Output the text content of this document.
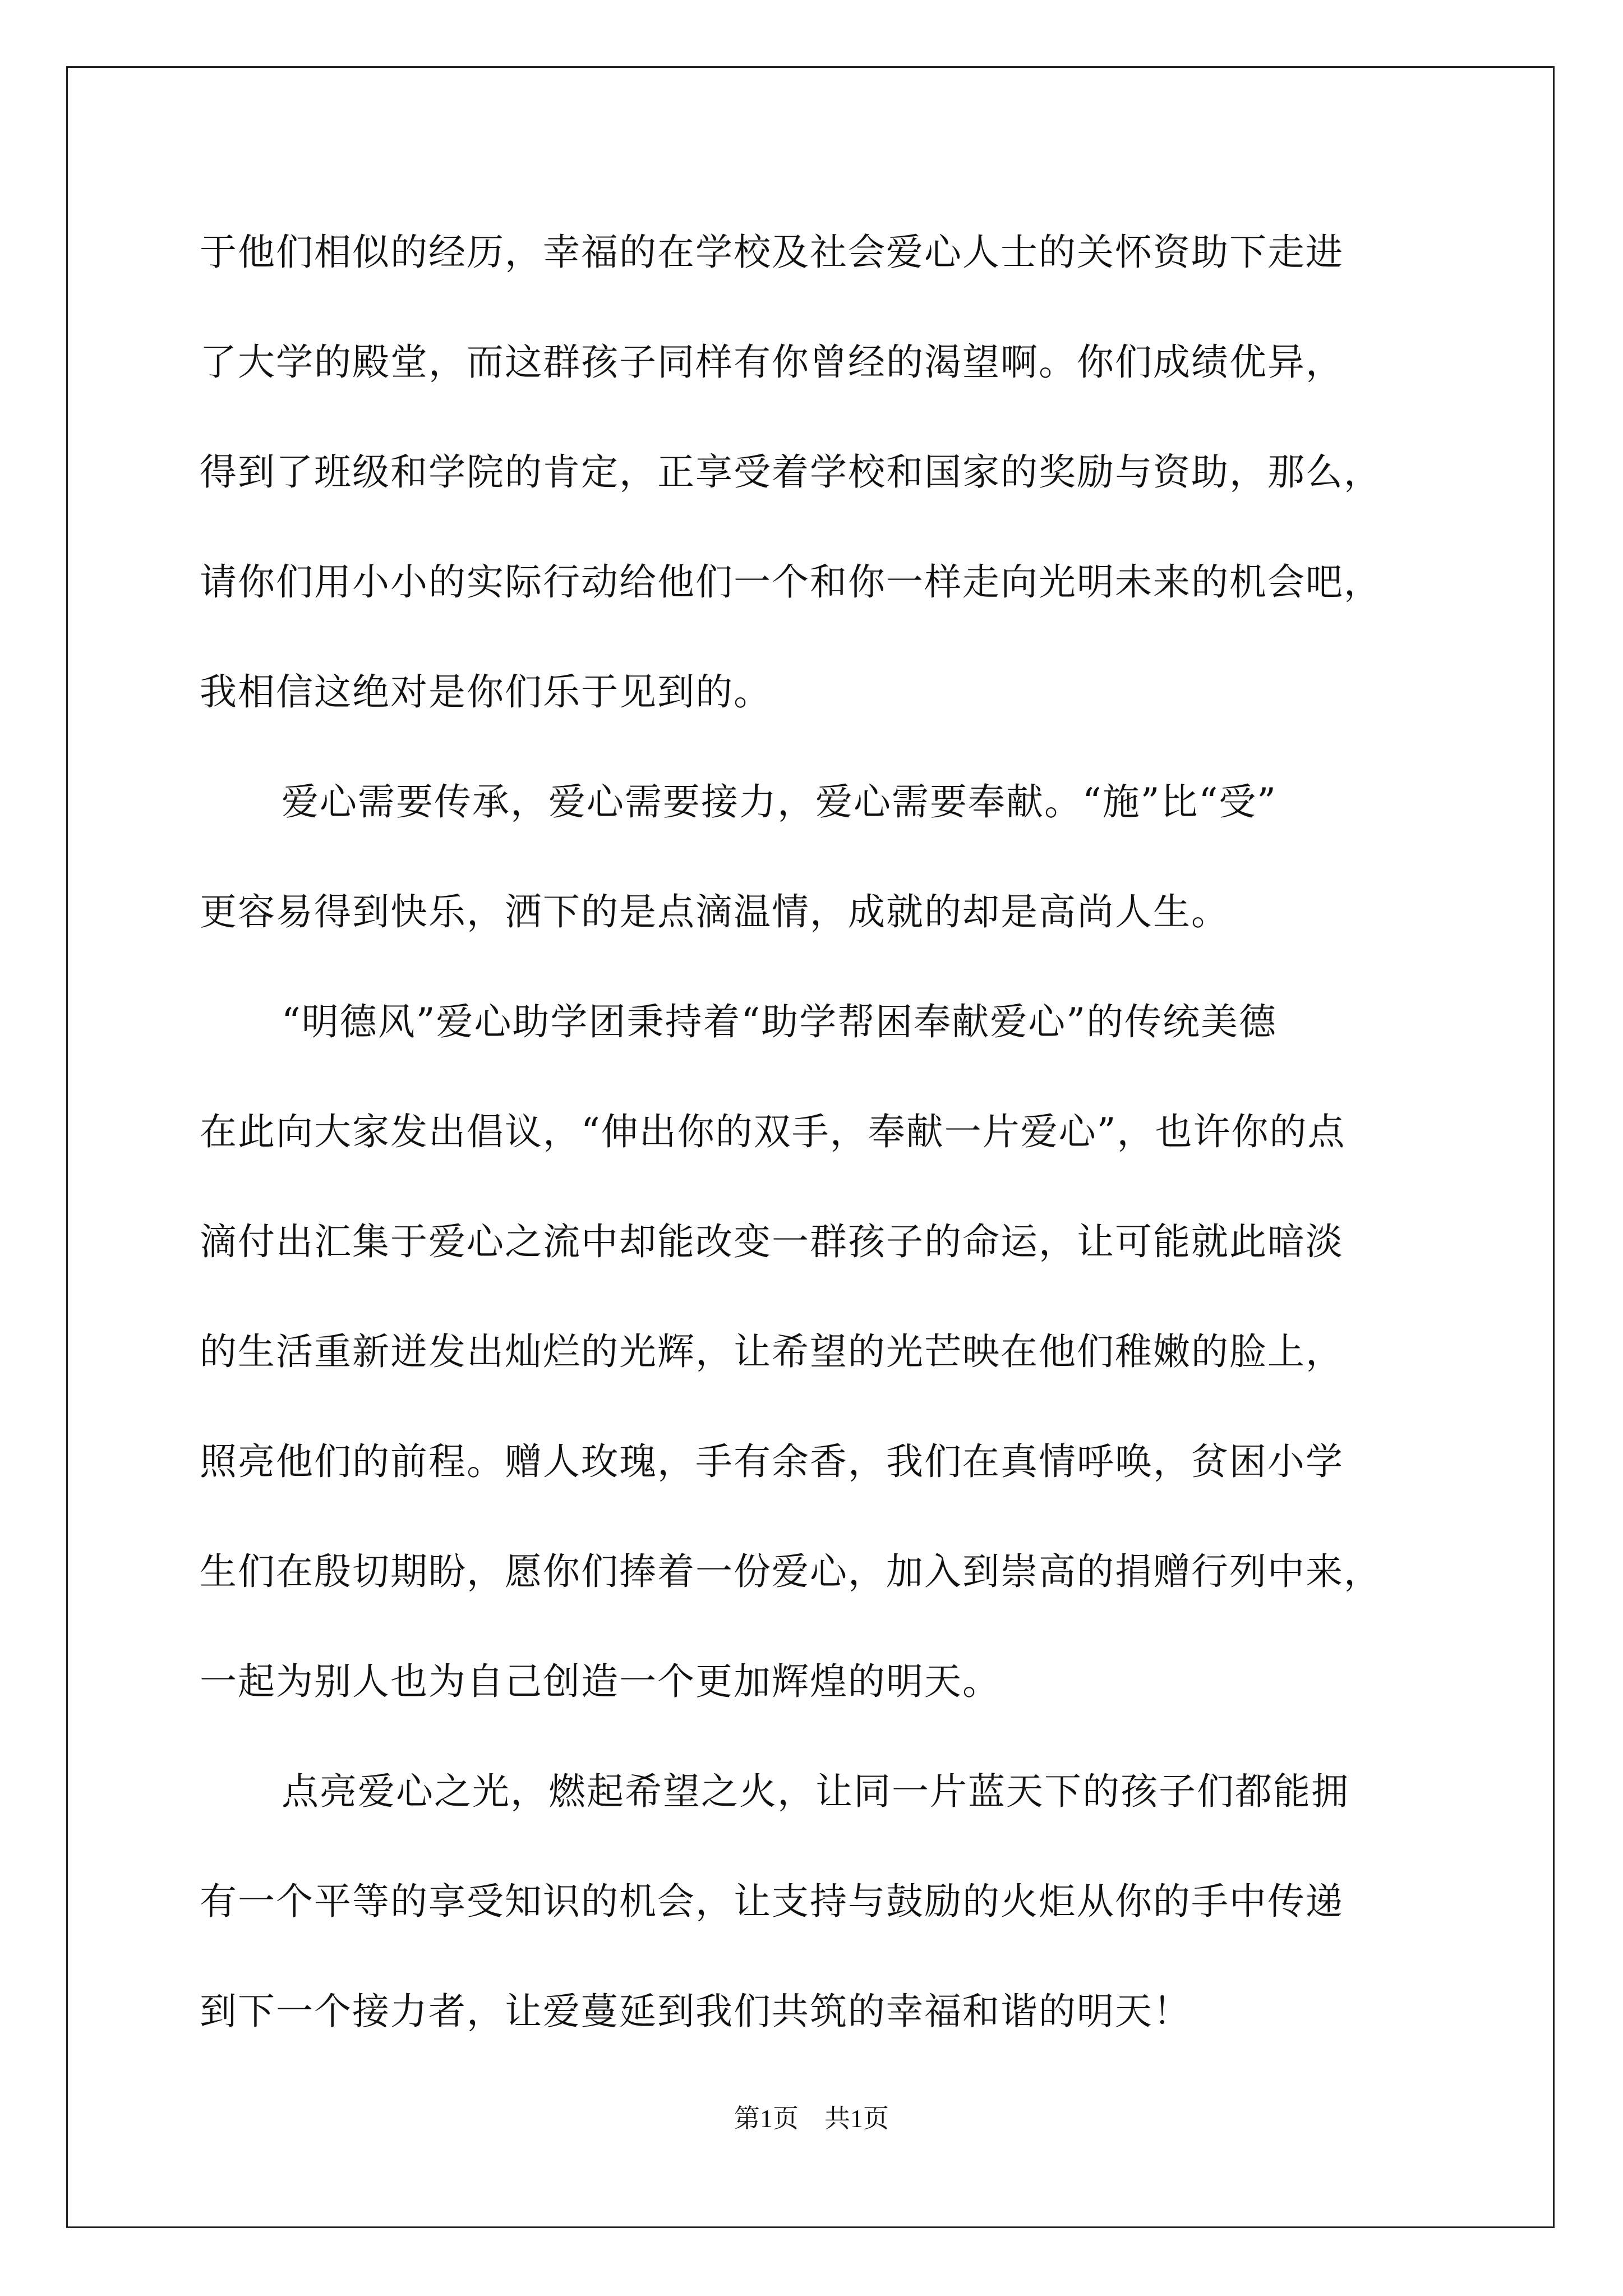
于他们相似的经历，幸福的在学校及社会爱心人士的关怀资助下走进
了大学的殿堂，而这群孩子同样有你曾经的渴望啊。你们成绩优异，
得到了班级和学院的肯定，正享受着学校和国家的奖励与资助，那么，
请你们用小小的实际行动给他们一个和你一样走向光明未来的机会吧，
我相信这绝对是你们乐于见到的。
爱心需要传承，爱心需要接力，爱心需要奉献。“施”比“受”
更容易得到快乐，洒下的是点滴温情，成就的却是高尚人生。
“明德风”爱心助学团秉持着“助学帮困奉献爱心”的传统美德
在此向大家发出倡议，“伸出你的双手，奉献一片爱心”，也许你的点
滴付出汇集于爱心之流中却能改变一群孩子的命运，让可能就此暗淡
的生活重新迸发出灿烂的光辉，让希望的光芒映在他们稚嫩的脸上，
照亮他们的前程。赠人玫瑰，手有余香，我们在真情呼唤，贫困小学
生们在殷切期盼，愿你们捧着一份爱心，加入到崇高的捐赠行列中来，
一起为别人也为自己创造一个更加辉煌的明天。
点亮爱心之光，燃起希望之火，让同一片蓝天下的孩子们都能拥
有一个平等的享受知识的机会，让支持与鼓励的火炬从你的手中传递
到下一个接力者，让爱蔓延到我们共筑的幸福和谐的明天！
第1页　共1页
